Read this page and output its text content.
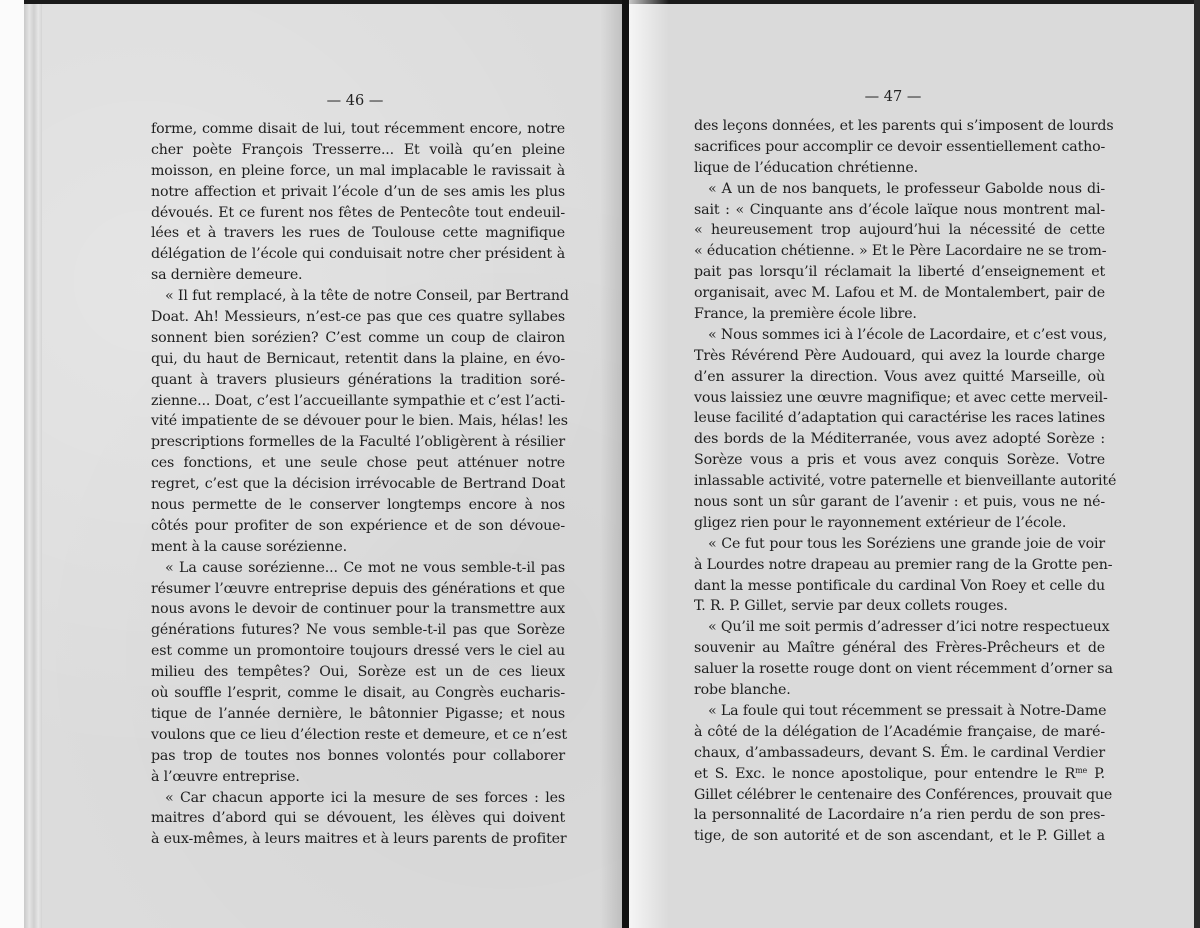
— 46 —	— 47 —
forme, comme disait de lui, tout récemment encore, notre
cher poète François Tresserre... Et voilà qu’en pleine
moisson, en pleine force, un mal implacable le ravissait à
notre affection et privait l’école d’un de ses amis les plus
dévoués. Et ce furent nos fêtes de Pentecôte tout endeuil-
lées et à travers les rues de Toulouse cette magnifique
délégation de l’école qui conduisait notre cher président à
sa dernière demeure.
« Il fut remplacé, à la tête de notre Conseil, par Bertrand
Doat. Ah! Messieurs, n’est-ce pas que ces quatre syllabes
sonnent bien sorézien? C’est comme un coup de clairon
qui, du haut de Bernicaut, retentit dans la plaine, en évo-
quant à travers plusieurs générations la tradition soré-
zienne... Doat, c’est l’accueillante sympathie et c’est l’acti-
vité impatiente de se dévouer pour le bien. Mais, hélas! les
prescriptions formelles de la Faculté l’obligèrent à résilier
ces fonctions, et une seule chose peut atténuer notre
regret, c’est que la décision irrévocable de Bertrand Doat
nous permette de le conserver longtemps encore à nos
côtés pour profiter de son expérience et de son dévoue-
ment à la cause sorézienne.
« La cause sorézienne... Ce mot ne vous semble-t-il pas
résumer l’œuvre entreprise depuis des générations et que
nous avons le devoir de continuer pour la transmettre aux
générations futures? Ne vous semble-t-il pas que Sorèze
est comme un promontoire toujours dressé vers le ciel au
milieu des tempêtes? Oui, Sorèze est un de ces lieux
où souffle l’esprit, comme le disait, au Congrès eucharis-
tique de l’année dernière, le bâtonnier Pigasse; et nous
voulons que ce lieu d’élection reste et demeure, et ce n’est
pas trop de toutes nos bonnes volontés pour collaborer
à l’œuvre entreprise.
« Car chacun apporte ici la mesure de ses forces : les
maitres d’abord qui se dévouent, les élèves qui doivent
à eux-mêmes, à leurs maitres et à leurs parents de profiter
des leçons données, et les parents qui s’imposent de lourds
sacrifices pour accomplir ce devoir essentiellement catho-
lique de l’éducation chrétienne.
« A un de nos banquets, le professeur Gabolde nous di-
sait : « Cinquante ans d’école laïque nous montrent mal-
« heureusement trop aujourd’hui la nécessité de cette
« éducation chétienne. » Et le Père Lacordaire ne se trom-
pait pas lorsqu’il réclamait la liberté d’enseignement et
organisait, avec M. Lafou et M. de Montalembert, pair de
France, la première école libre.
« Nous sommes ici à l’école de Lacordaire, et c’est vous,
Très Révérend Père Audouard, qui avez la lourde charge
d’en assurer la direction. Vous avez quitté Marseille, où
vous laissiez une œuvre magnifique; et avec cette merveil-
leuse facilité d’adaptation qui caractérise les races latines
des bords de la Méditerranée, vous avez adopté Sorèze :
Sorèze vous a pris et vous avez conquis Sorèze. Votre
inlassable activité, votre paternelle et bienveillante autorité
nous sont un sûr garant de l’avenir : et puis, vous ne né-
gligez rien pour le rayonnement extérieur de l’école.
« Ce fut pour tous les Soréziens une grande joie de voir
à Lourdes notre drapeau au premier rang de la Grotte pen-
dant la messe pontificale du cardinal Von Roey et celle du
T. R. P. Gillet, servie par deux collets rouges.
« Qu’il me soit permis d’adresser d’ici notre respectueux
souvenir au Maître général des Frères-Prêcheurs et de
saluer la rosette rouge dont on vient récemment d’orner sa
robe blanche.
« La foule qui tout récemment se pressait à Notre-Dame
à côté de la délégation de l’Académie française, de maré-
chaux, d’ambassadeurs, devant S. Ém. le cardinal Verdier
et S. Exc. le nonce apostolique, pour entendre le $R^{me}$ P.
Gillet célébrer le centenaire des Conférences, prouvait que
la personnalité de Lacordaire n’a rien perdu de son pres-
tige, de son autorité et de son ascendant, et le P. Gillet a
